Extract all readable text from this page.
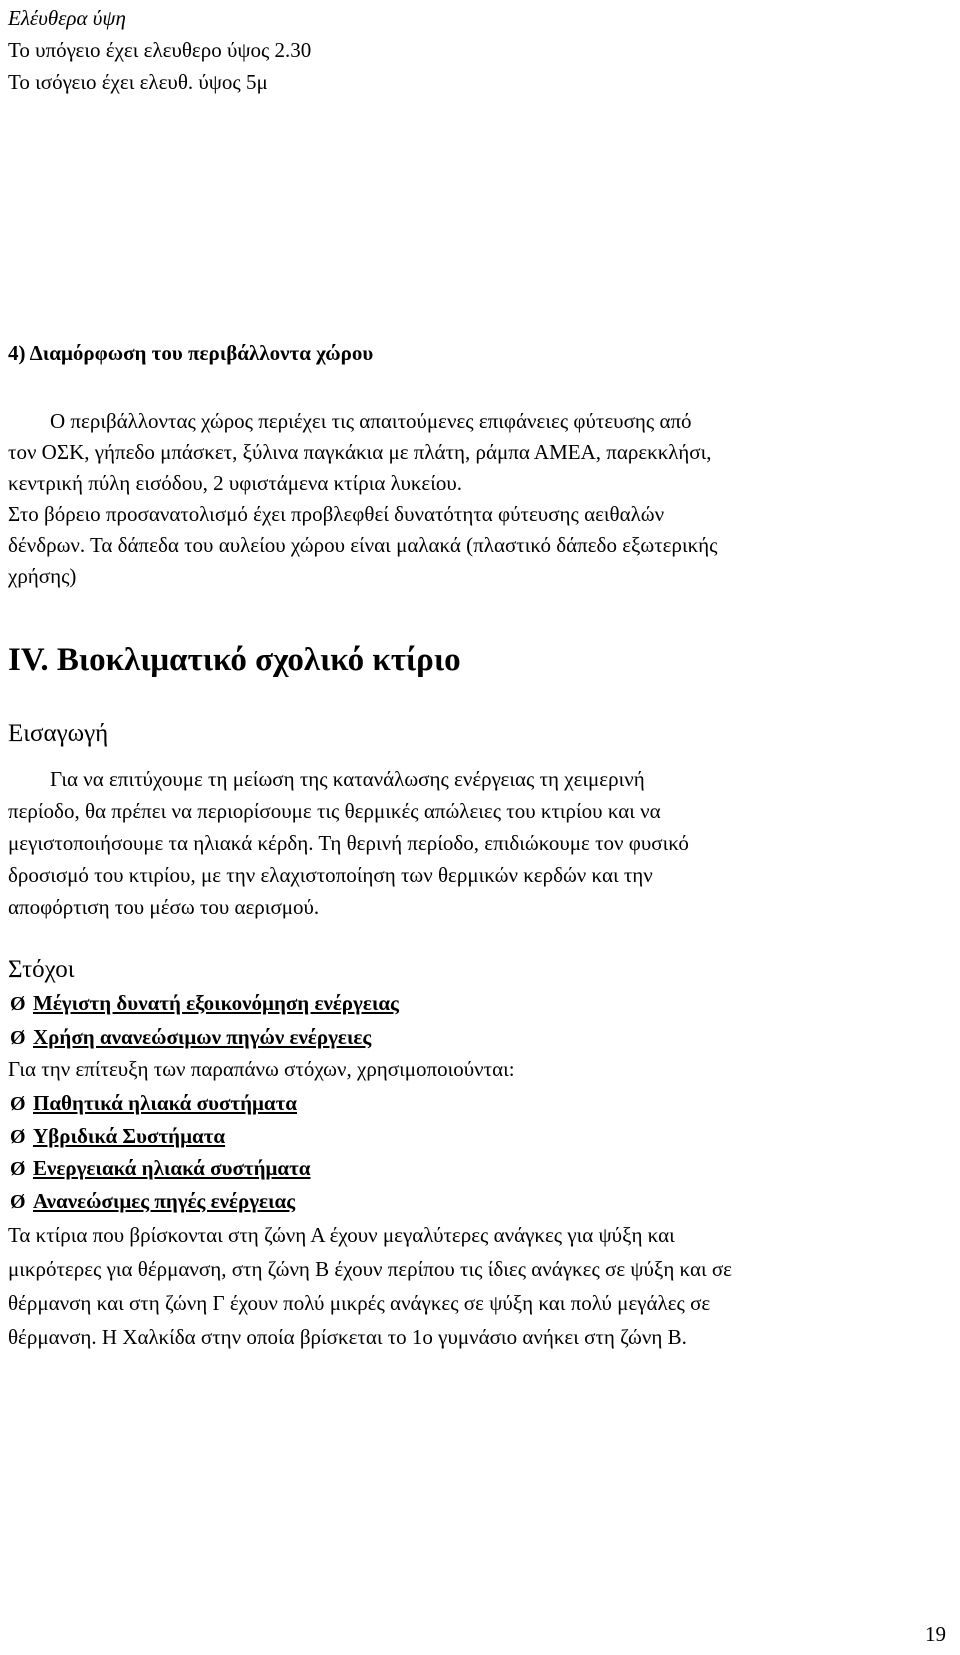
Ελέυθερα ύψη
Το υπόγειο έχει ελευθερο ύψος 2.30
Το ισόγειο έχει ελευθ. ύψος 5μ
4) Διαμόρφωση του περιβάλλοντα χώρου
Ο περιβάλλοντας χώρος περιέχει τις απαιτούμενες επιφάνειες φύτευσης από
τον ΟΣΚ, γήπεδο μπάσκετ, ξύλινα παγκάκια με πλάτη, ράμπα ΑΜΕΑ, παρεκκλήσι,
κεντρική πύλη εισόδου, 2 υφιστάμενα κτίρια λυκείου.
Στο βόρειο προσανατολισμό έχει προβλεφθεί δυνατότητα φύτευσης αειθαλών
δένδρων. Τα δάπεδα του αυλείου χώρου είναι μαλακά (πλαστικό δάπεδο εξωτερικής
χρήσης)
IV. Βιοκλιματικό σχολικό κτίριο
Εισαγωγή
Για να επιτύχουμε τη μείωση της κατανάλωσης ενέργειας τη χειμερινή
περίοδο, θα πρέπει να περιορίσουμε τις θερμικές απώλειες του κτιρίου και να
μεγιστοποιήσουμε τα ηλιακά κέρδη. Τη θερινή περίοδο, επιδιώκουμε τον φυσικό
δροσισμό του κτιρίου, με την ελαχιστοποίηση των θερμικών κερδών και την
αποφόρτιση του μέσω του αερισμού.
Στόχοι
Ø Μέγιστη δυνατή εξοικονόμηση ενέργειας
Ø Χρήση ανανεώσιμων πηγών ενέργειες
Για την επίτευξη των παραπάνω στόχων, χρησιμοποιούνται:
Ø Παθητικά ηλιακά συστήματα
Ø Υβριδικά Συστήματα
Ø Ενεργειακά ηλιακά συστήματα
Ø Ανανεώσιμες πηγές ενέργειας
Τα κτίρια που βρίσκονται στη ζώνη Α έχουν μεγαλύτερες ανάγκες για ψύξη και
μικρότερες για θέρμανση, στη ζώνη Β έχουν περίπου τις ίδιες ανάγκες σε ψύξη και σε
θέρμανση και στη ζώνη Γ έχουν πολύ μικρές ανάγκες σε ψύξη και πολύ μεγάλες σε
θέρμανση. Η Χαλκίδα στην οποία βρίσκεται το 1ο γυμνάσιο ανήκει στη ζώνη Β.
19
